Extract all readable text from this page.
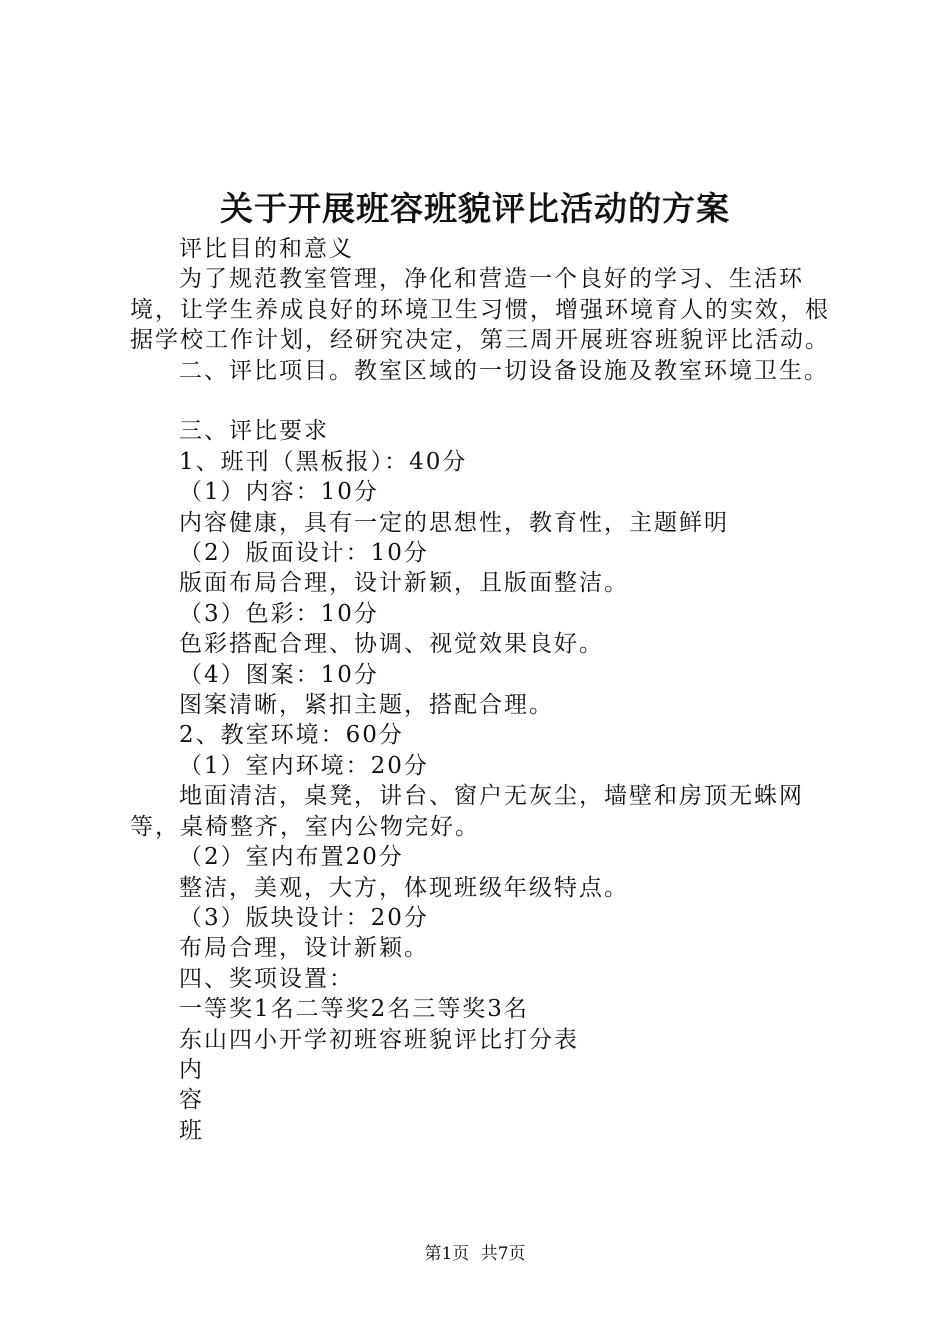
关于开展班容班貌评比活动的方案

评比目的和意义

为了规范教室管理，净化和营造一个良好的学习、生活环境，让学生养成良好的环境卫生习惯，增强环境育人的实效，根据学校工作计划，经研究决定，第三周开展班容班貌评比活动。

二、评比项目。教室区域的一切设备设施及教室环境卫生。

三、评比要求

1、班刊（黑板报）：40分

（1）内容：10分

内容健康，具有一定的思想性，教育性，主题鲜明

（2）版面设计：10分

版面布局合理，设计新颖，且版面整洁。

（3）色彩：10分

色彩搭配合理、协调、视觉效果良好。

（4）图案：10分

图案清晰，紧扣主题，搭配合理。

2、教室环境：60分

（1）室内环境：20分

地面清洁，桌凳，讲台、窗户无灰尘，墙壁和房顶无蛛网等，桌椅整齐，室内公物完好。

（2）室内布置20分

整洁，美观，大方，体现班级年级特点。

（3）版块设计：20分

布局合理，设计新颖。

四、奖项设置：

一等奖1名二等奖2名三等奖3名

东山四小开学初班容班貌评比打分表

内

容

班

第1页 共7页
